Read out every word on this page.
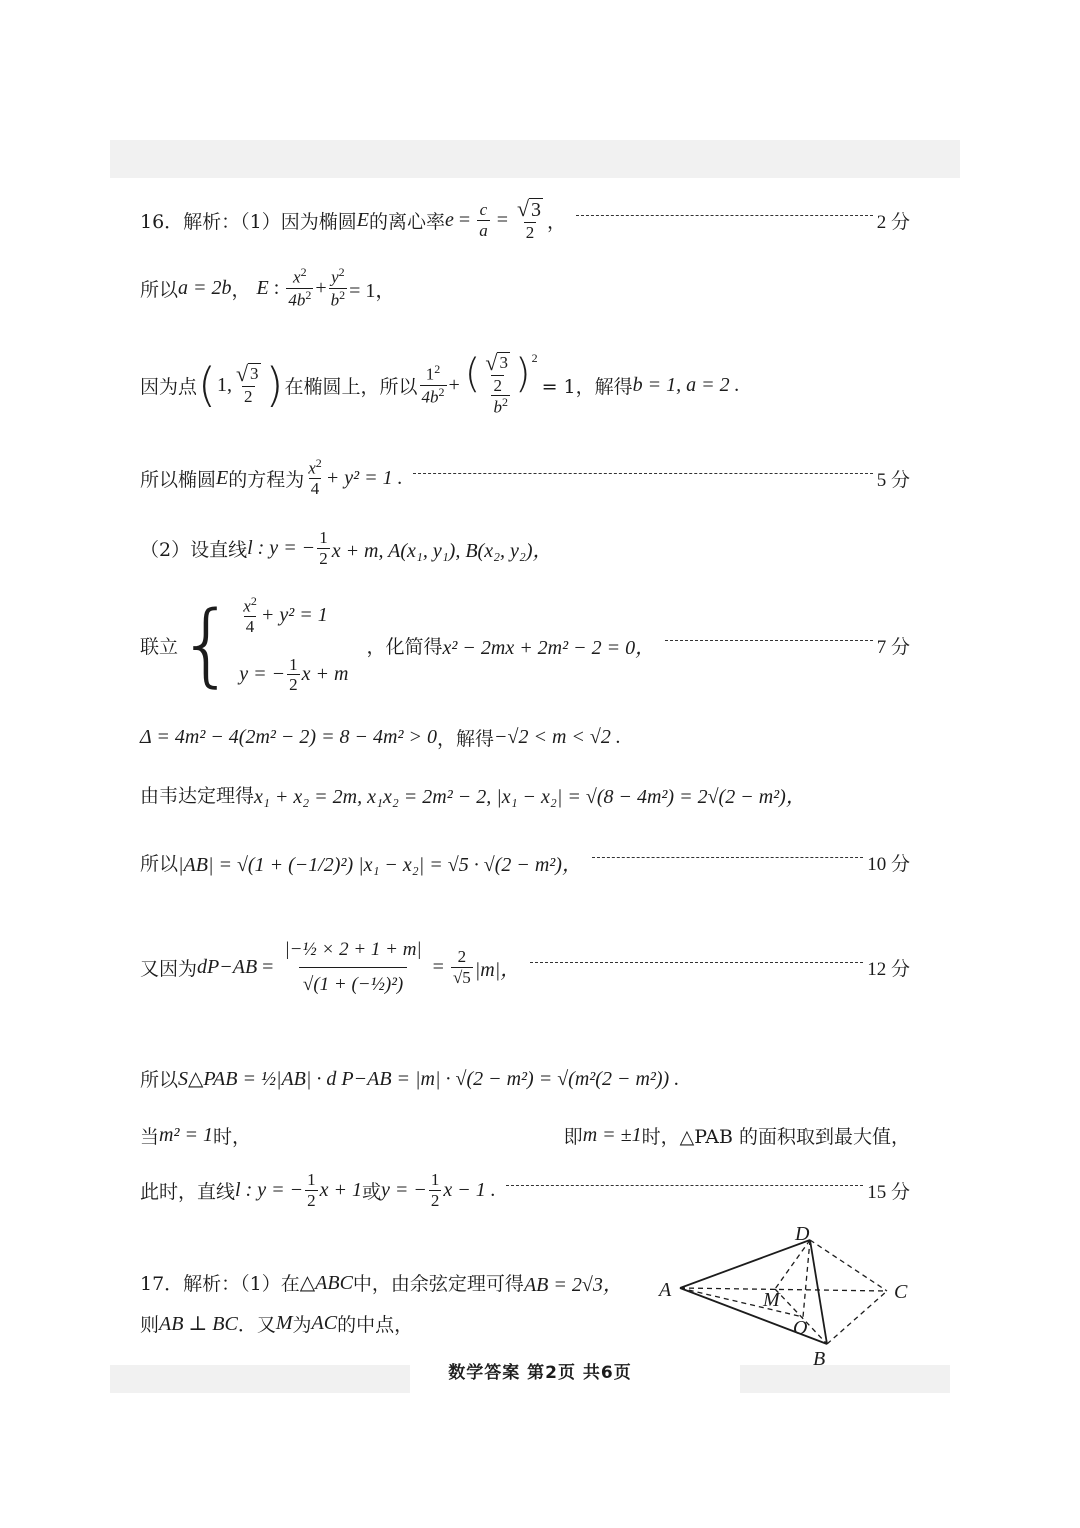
16．解析：（1）因为椭圆 E 的离心率 $e = \frac{c}{a} = \frac{√ 3}{2}$ ，	2 分
所以 a = 2b ， E : $\frac{x^2}{4b^2} + \frac{y^2}{b^2} = 1$，
因为点 ( 1, $\frac{√ 3}{2}$ ) 在椭圆上，所以 $\frac{1^2}{4b^2} + \frac{( \frac{√ 3}{2} )^2}{b^2} = 1$，解得 b = 1, a = 2 .
所以椭圆 E 的方程为 $\frac{x^2}{4} + y^2 = 1$ .	5 分
（2）设直线 l : y = − $\frac{1}{2}$ x + m, A(x₁, y₁), B(x₂, y₂)，
联立 { $\frac{x^2}{4} + y^2 = 1$
y = − $\frac{1}{2}$ x + m
，化简得 x² − 2mx + 2m² − 2 = 0，	7 分
Δ = 4m² − 4(2m² − 2) = 8 − 4m² > 0 ，解得 −√2 < m < √2 .
由韦达定理得 x₁ + x₂ = 2m, x₁x₂ = 2m² − 2, |x₁ − x₂| = √(8 − 4m²) = 2√(2 − m²)，
所以 |AB| = √(1 + (−1/2)²) |x₁ − x₂| = √5 · √(2 − m²)，	10 分
又因为 d $P-AB = \frac{\text{|−½ × 2 + 1 + m|}}{\text{√(1 + (−½)²)}} = \frac{2}{√5} |m|$，	12 分
所以 S△PAB = ½|AB| · d P−AB = |m| · √(2 − m²) = √(m²(2 − m²)) .
当 m² = 1 时，	即 m = ±1 时，△PAB 的面积取到最大值，
此时，直线 l : y = − $\frac{1}{2}$ x + 1 或 y = − $\frac{1}{2}$ x − 1 .	15 分
17．解析：（1）在 △ABC 中，由余弦定理可得 AB = 2√3，
则 AB ⊥ BC ．又 M 为 AC 的中点，
A
D
C
M
O
B
数学答案 第2页 共6页
